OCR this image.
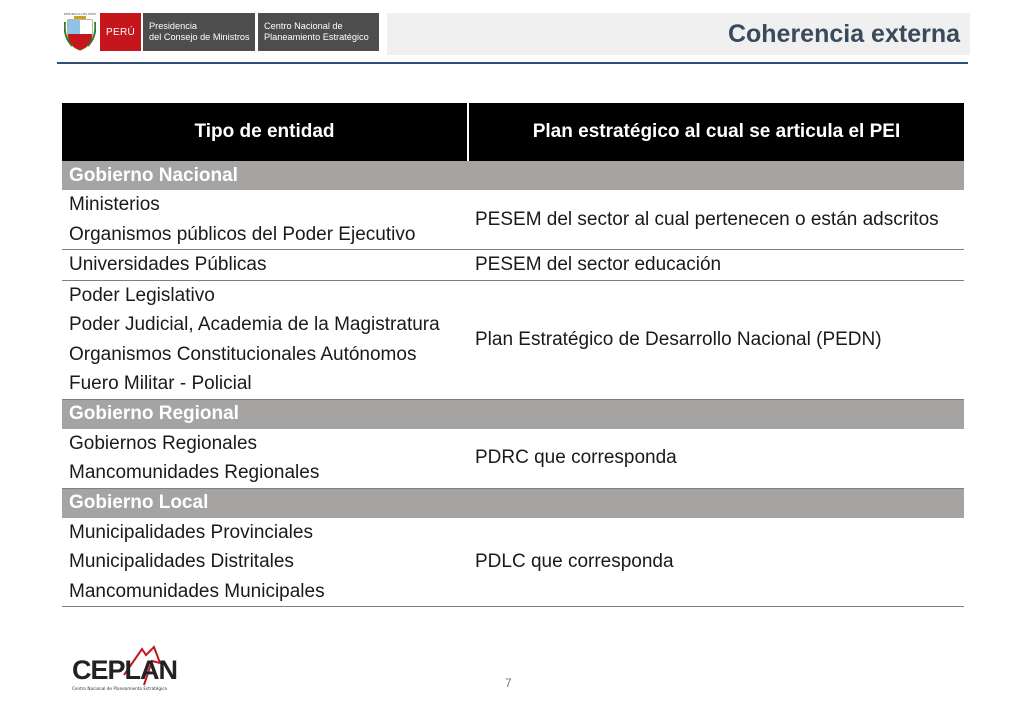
REPÚBLICA DEL PERÚ
PERÚ
Presidencia
del Consejo de Ministros
Centro Nacional de
Planeamiento Estratégico	Coherencia externa
Tipo de entidad	Plan estratégico al cual se articula el PEI
Gobierno Nacional	

Ministerios
Organismos públicos del Poder Ejecutivo	PESEM del sector al cual pertenecen o están adscritos

Universidades Públicas	PESEM del sector educación

Poder Legislativo
Poder Judicial, Academia de la Magistratura
Organismos Constitucionales Autónomos
Fuero Militar - Policial	Plan Estratégico de Desarrollo Nacional (PEDN)
Gobierno Regional	

Gobiernos Regionales
Mancomunidades Regionales	PDRC que corresponda
Gobierno Local	

Municipalidades Provinciales
Municipalidades Distritales
Mancomunidades Municipales	PDLC que corresponda
CEPLAN
Centro Nacional de Planeamiento Estratégico	7
